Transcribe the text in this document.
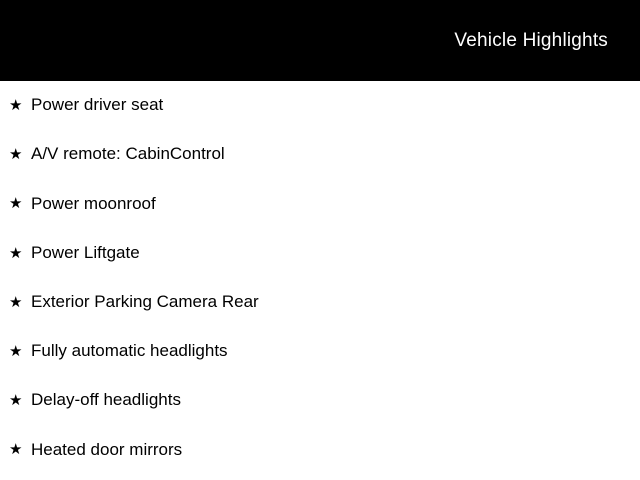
Vehicle Highlights
★ Power driver seat
★ A/V remote: CabinControl
★ Power moonroof
★ Power Liftgate
★ Exterior Parking Camera Rear
★ Fully automatic headlights
★ Delay-off headlights
★ Heated door mirrors
